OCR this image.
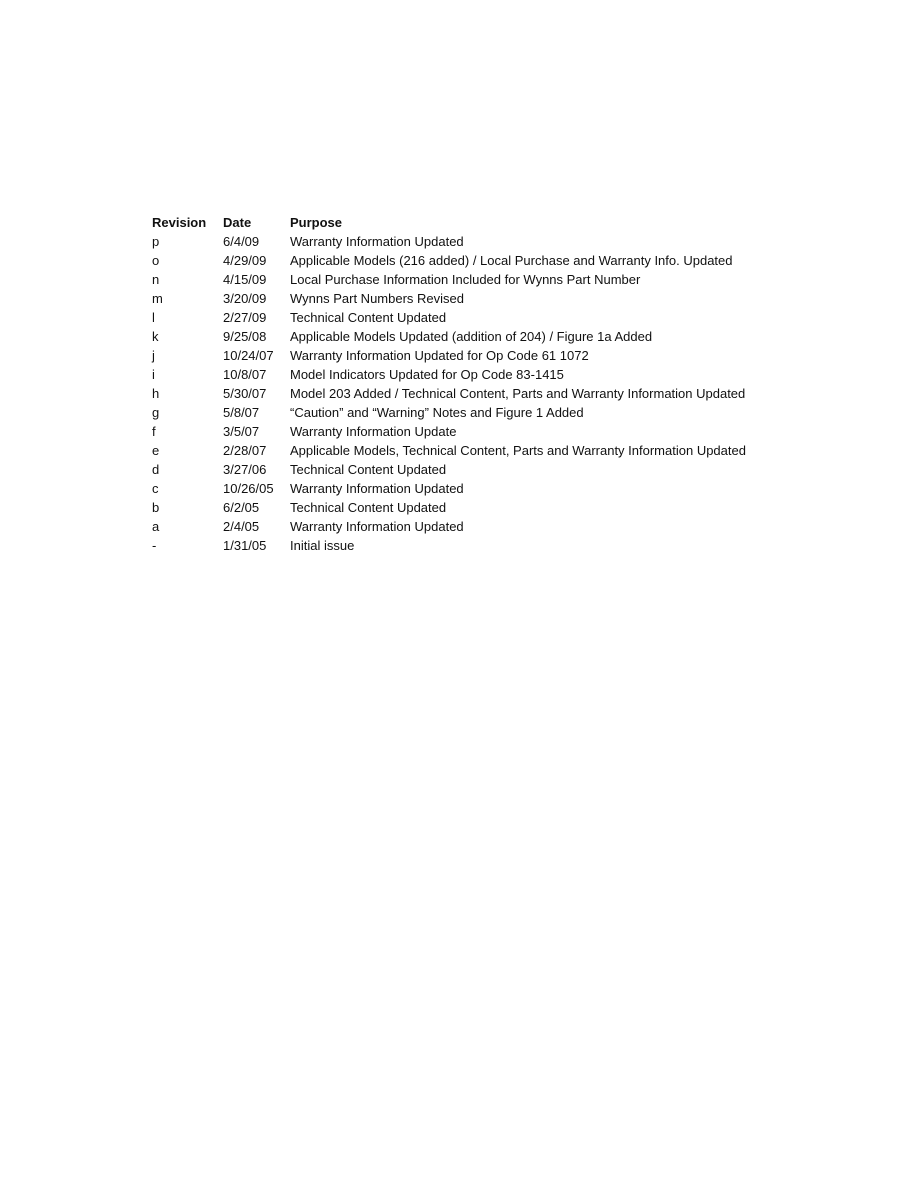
Revision	Date	Purpose
p	6/4/09	Warranty Information Updated
o	4/29/09	Applicable Models (216 added) / Local Purchase and Warranty Info. Updated
n	4/15/09	Local Purchase Information Included for Wynns Part Number
m	3/20/09	Wynns Part Numbers Revised
l	2/27/09	Technical Content Updated
k	9/25/08	Applicable Models Updated (addition of 204) / Figure 1a Added
j	10/24/07	Warranty Information Updated for Op Code 61 1072
i	10/8/07	Model Indicators Updated for Op Code 83-1415
h	5/30/07	Model 203 Added / Technical Content, Parts and Warranty Information Updated
g	5/8/07	“Caution” and “Warning” Notes and Figure 1 Added
f	3/5/07	Warranty Information Update
e	2/28/07	Applicable Models, Technical Content, Parts and Warranty Information Updated
d	3/27/06	Technical Content Updated
c	10/26/05	Warranty Information Updated
b	6/2/05	Technical Content Updated
a	2/4/05	Warranty Information Updated
-	1/31/05	Initial issue
